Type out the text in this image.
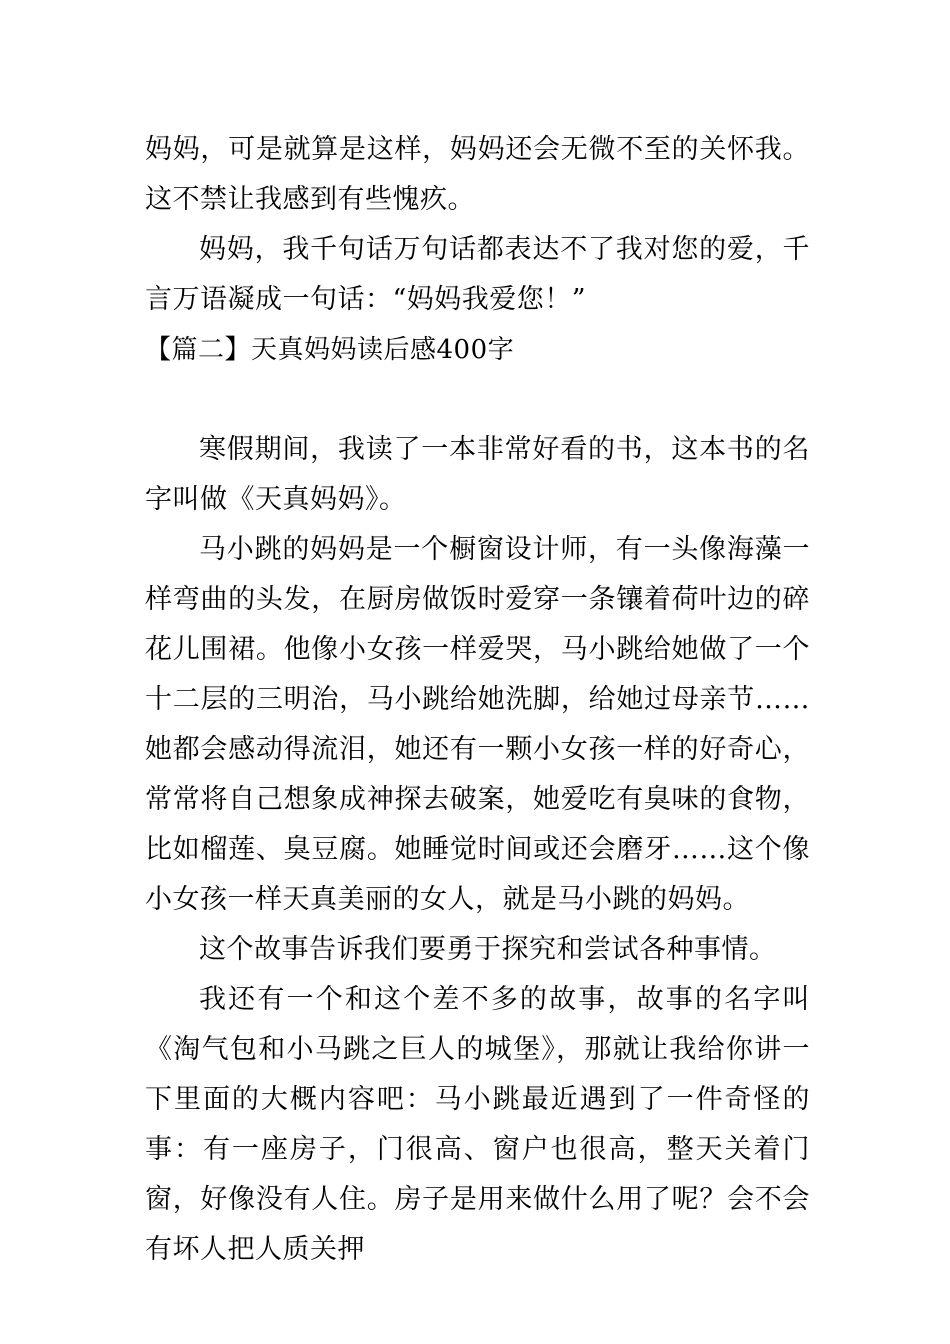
妈妈，可是就算是这样，妈妈还会无微不至的关怀我。这不禁让我感到有些愧疚。

妈妈，我千句话万句话都表达不了我对您的爱，千言万语凝成一句话：“妈妈我爱您！”

【篇二】天真妈妈读后感400字

寒假期间，我读了一本非常好看的书，这本书的名字叫做《天真妈妈》。

马小跳的妈妈是一个橱窗设计师，有一头像海藻一样弯曲的头发，在厨房做饭时爱穿一条镶着荷叶边的碎花儿围裙。他像小女孩一样爱哭，马小跳给她做了一个十二层的三明治，马小跳给她洗脚，给她过母亲节……她都会感动得流泪，她还有一颗小女孩一样的好奇心，常常将自己想象成神探去破案，她爱吃有臭味的食物，比如榴莲、臭豆腐。她睡觉时间或还会磨牙……这个像小女孩一样天真美丽的女人，就是马小跳的妈妈。

这个故事告诉我们要勇于探究和尝试各种事情。

我还有一个和这个差不多的故事，故事的名字叫《淘气包和小马跳之巨人的城堡》，那就让我给你讲一下里面的大概内容吧：马小跳最近遇到了一件奇怪的事：有一座房子，门很高、窗户也很高，整天关着门窗，好像没有人住。房子是用来做什么用了呢？会不会有坏人把人质关押
